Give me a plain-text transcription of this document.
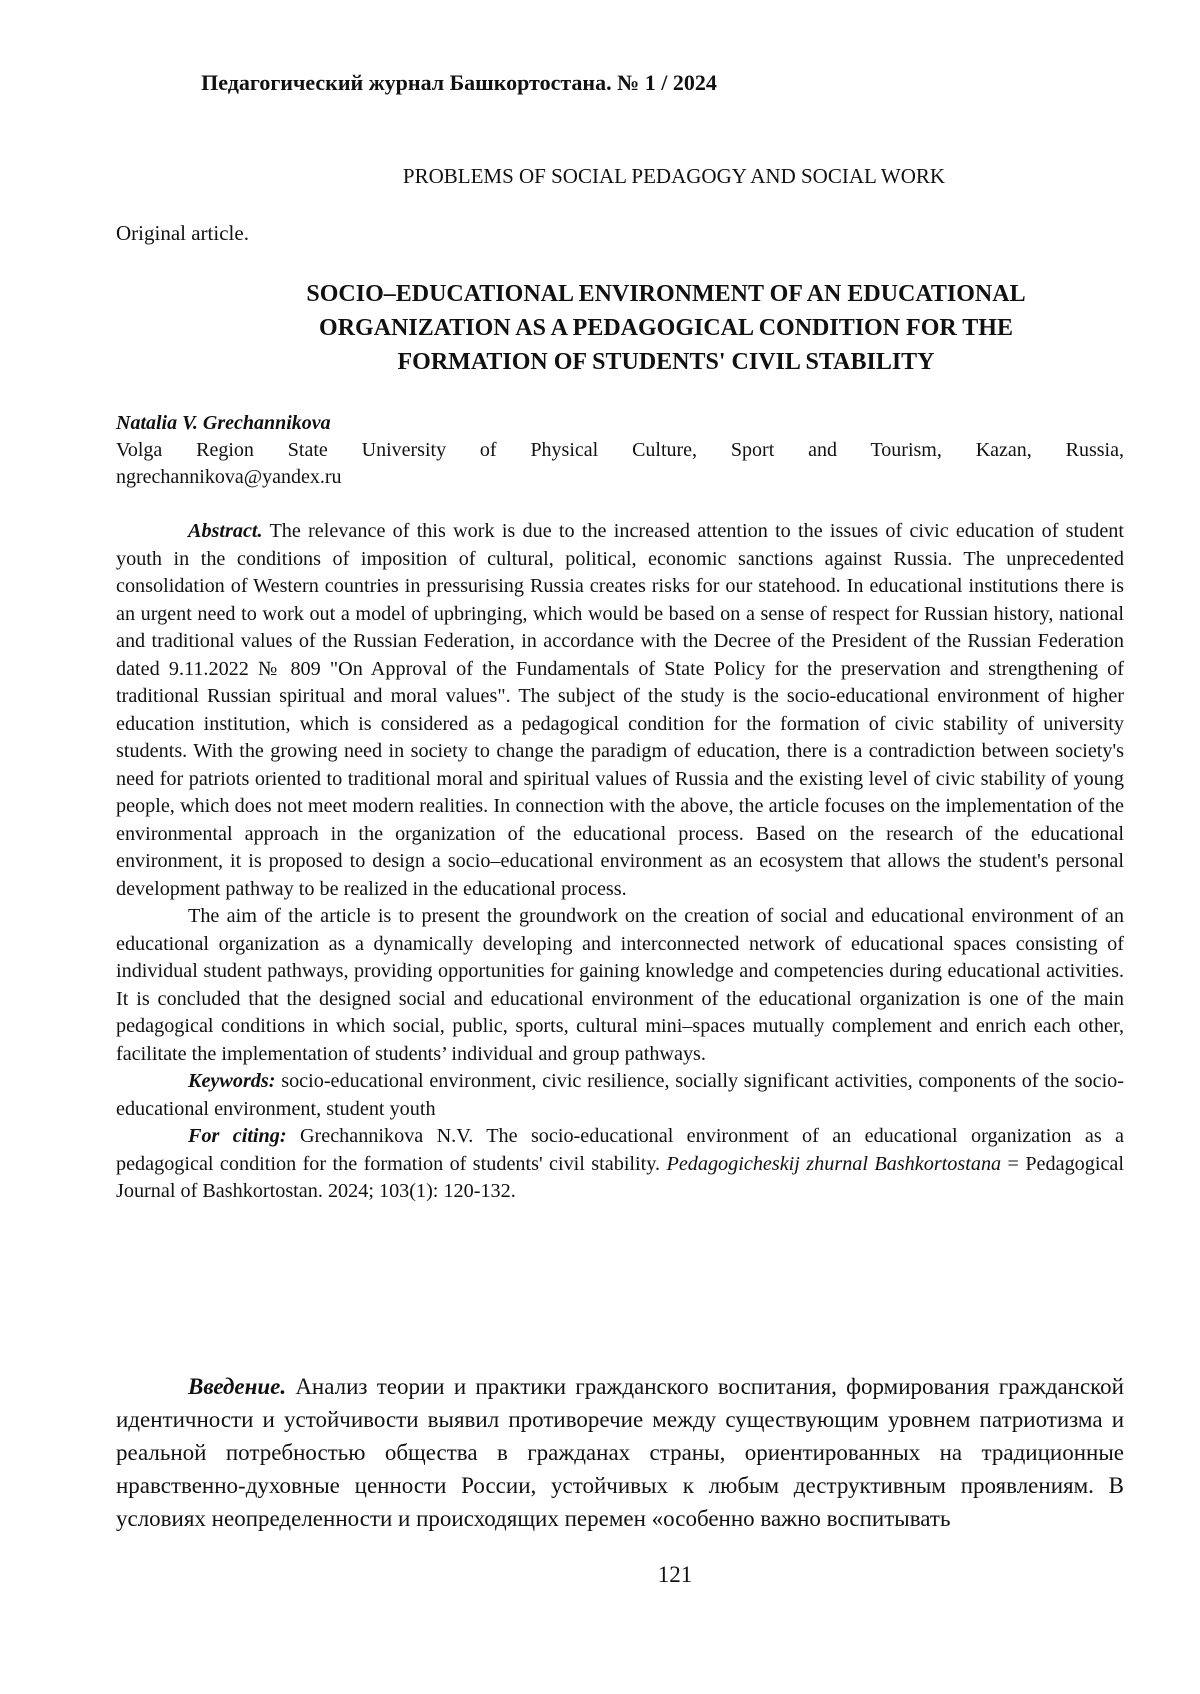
Педагогический журнал Башкортостана. № 1 / 2024
PROBLEMS OF SOCIAL PEDAGOGY AND SOCIAL WORK
Original article.
SOCIO–EDUCATIONAL ENVIRONMENT OF AN EDUCATIONAL
ORGANIZATION AS A PEDAGOGICAL CONDITION FOR THE
FORMATION OF STUDENTS' CIVIL STABILITY
Natalia V. Grechannikova
Volga Region State University of Physical Culture, Sport and Tourism, Kazan, Russia,
ngrechannikova@yandex.ru

Abstract. The relevance of this work is due to the increased attention to the issues of civic education of student youth in the conditions of imposition of cultural, political, economic sanctions against Russia. The unprecedented consolidation of Western countries in pressurising Russia creates risks for our statehood. In educational institutions there is an urgent need to work out a model of upbringing, which would be based on a sense of respect for Russian history, national and traditional values of the Russian Federation, in accordance with the Decree of the President of the Russian Federation dated 9.11.2022 № 809 "On Approval of the Fundamentals of State Policy for the preservation and strengthening of traditional Russian spiritual and moral values". The subject of the study is the socio-educational environment of higher education institution, which is considered as a pedagogical condition for the formation of civic stability of university students. With the growing need in society to change the paradigm of education, there is a contradiction between society's need for patriots oriented to traditional moral and spiritual values of Russia and the existing level of civic stability of young people, which does not meet modern realities. In connection with the above, the article focuses on the implementation of the environmental approach in the organization of the educational process. Based on the research of the educational environment, it is proposed to design a socio–educational environment as an ecosystem that allows the student's personal development pathway to be realized in the educational process.

The aim of the article is to present the groundwork on the creation of social and educational environment of an educational organization as a dynamically developing and interconnected network of educational spaces consisting of individual student pathways, providing opportunities for gaining knowledge and competencies during educational activities. It is concluded that the designed social and educational environment of the educational organization is one of the main pedagogical conditions in which social, public, sports, cultural mini–spaces mutually complement and enrich each other, facilitate the implementation of students’ individual and group pathways.

Keywords: socio-educational environment, civic resilience, socially significant activities, components of the socio-educational environment, student youth

For citing: Grechannikova N.V. The socio-educational environment of an educational organization as a pedagogical condition for the formation of students' civil stability. Pedagogicheskij zhurnal Bashkortostana = Pedagogical Journal of Bashkortostan. 2024; 103(1): 120-132.

Введение. Анализ теории и практики гражданского воспитания, формирования гражданской идентичности и устойчивости выявил противоречие между существующим уровнем патриотизма и реальной потребностью общества в гражданах страны, ориентированных на традиционные нравственно-духовные ценности России, устойчивых к любым деструктивным проявлениям. В условиях неопределенности и происходящих перемен «особенно важно воспитывать

121
